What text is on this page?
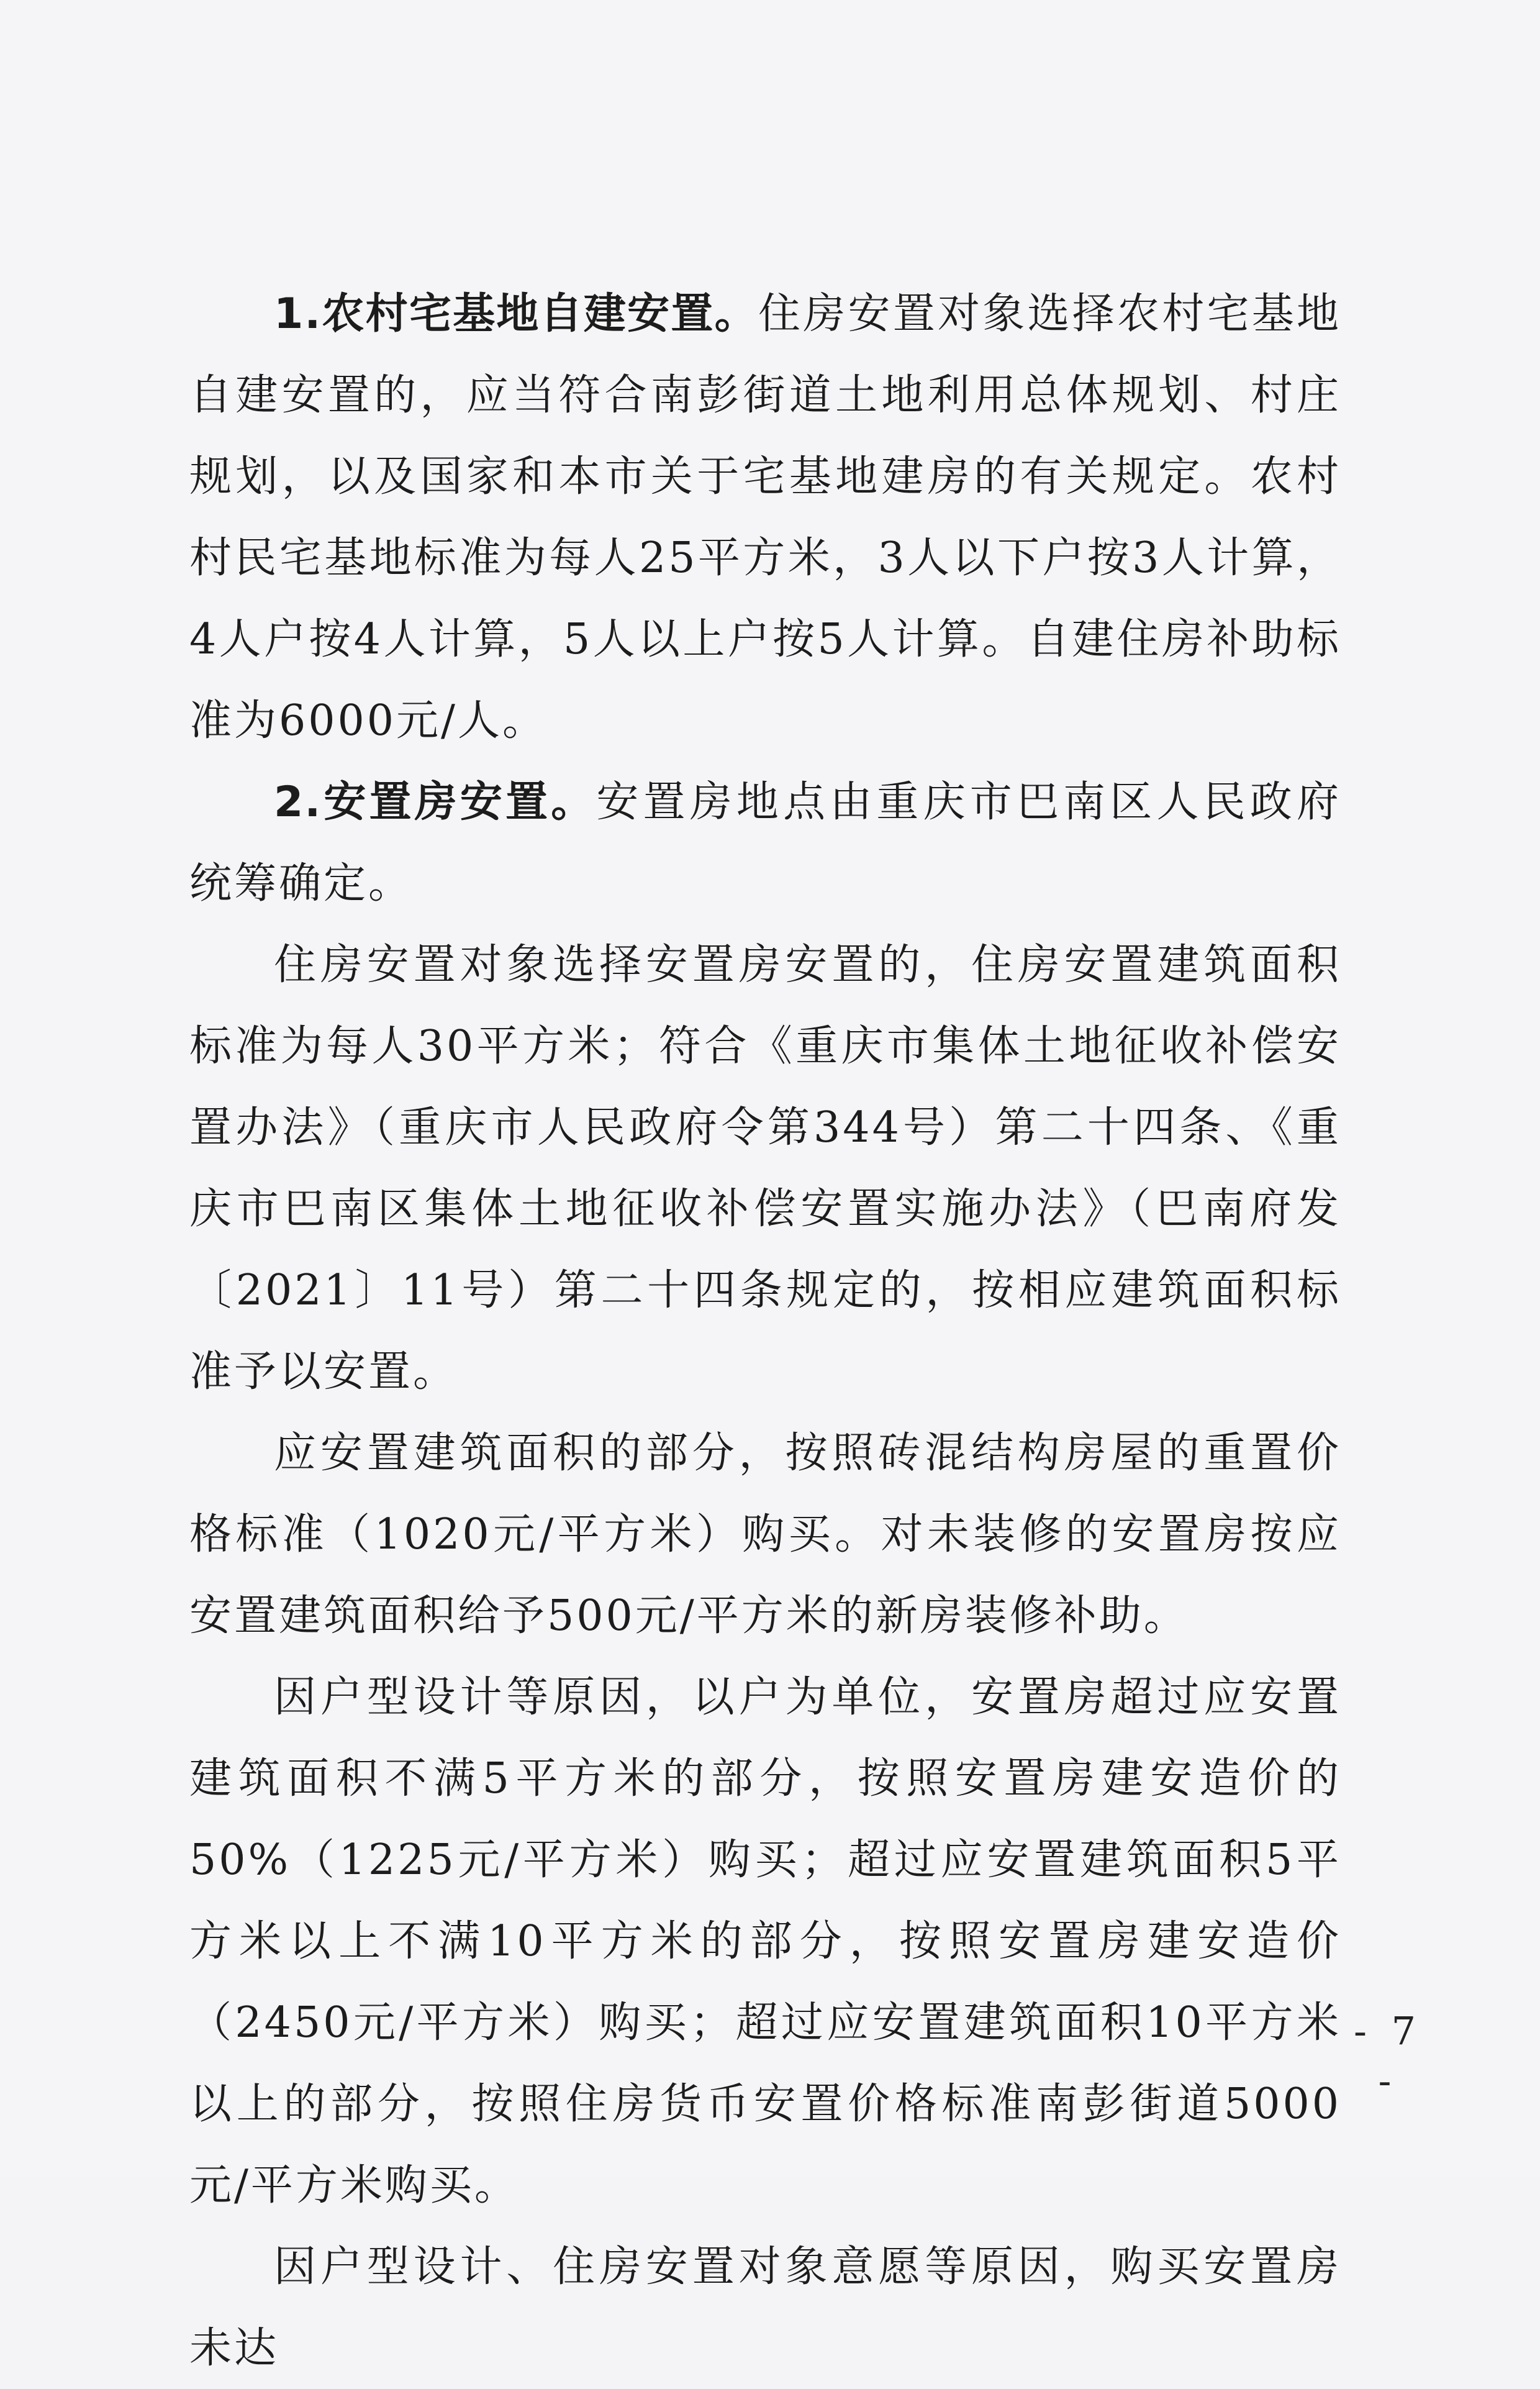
1.农村宅基地自建安置。住房安置对象选择农村宅基地自建安置的，应当符合南彭街道土地利用总体规划、村庄规划，以及国家和本市关于宅基地建房的有关规定。农村村民宅基地标准为每人25平方米，3人以下户按3人计算，4人户按4人计算，5人以上户按5人计算。自建住房补助标准为6000元/人。

2.安置房安置。安置房地点由重庆市巴南区人民政府统筹确定。

住房安置对象选择安置房安置的，住房安置建筑面积标准为每人30平方米；符合《重庆市集体土地征收补偿安置办法》（重庆市人民政府令第344号）第二十四条、《重庆市巴南区集体土地征收补偿安置实施办法》（巴南府发〔2021〕11号）第二十四条规定的，按相应建筑面积标准予以安置。

应安置建筑面积的部分，按照砖混结构房屋的重置价格标准（1020元/平方米）购买。对未装修的安置房按应安置建筑面积给予500元/平方米的新房装修补助。

因户型设计等原因，以户为单位，安置房超过应安置建筑面积不满5平方米的部分，按照安置房建安造价的50%（1225元/平方米）购买；超过应安置建筑面积5平方米以上不满10平方米的部分，按照安置房建安造价（2450元/平方米）购买；超过应安置建筑面积10平方米以上的部分，按照住房货币安置价格标准南彭街道5000元/平方米购买。

因户型设计、住房安置对象意愿等原因，购买安置房未达

- 7 -
